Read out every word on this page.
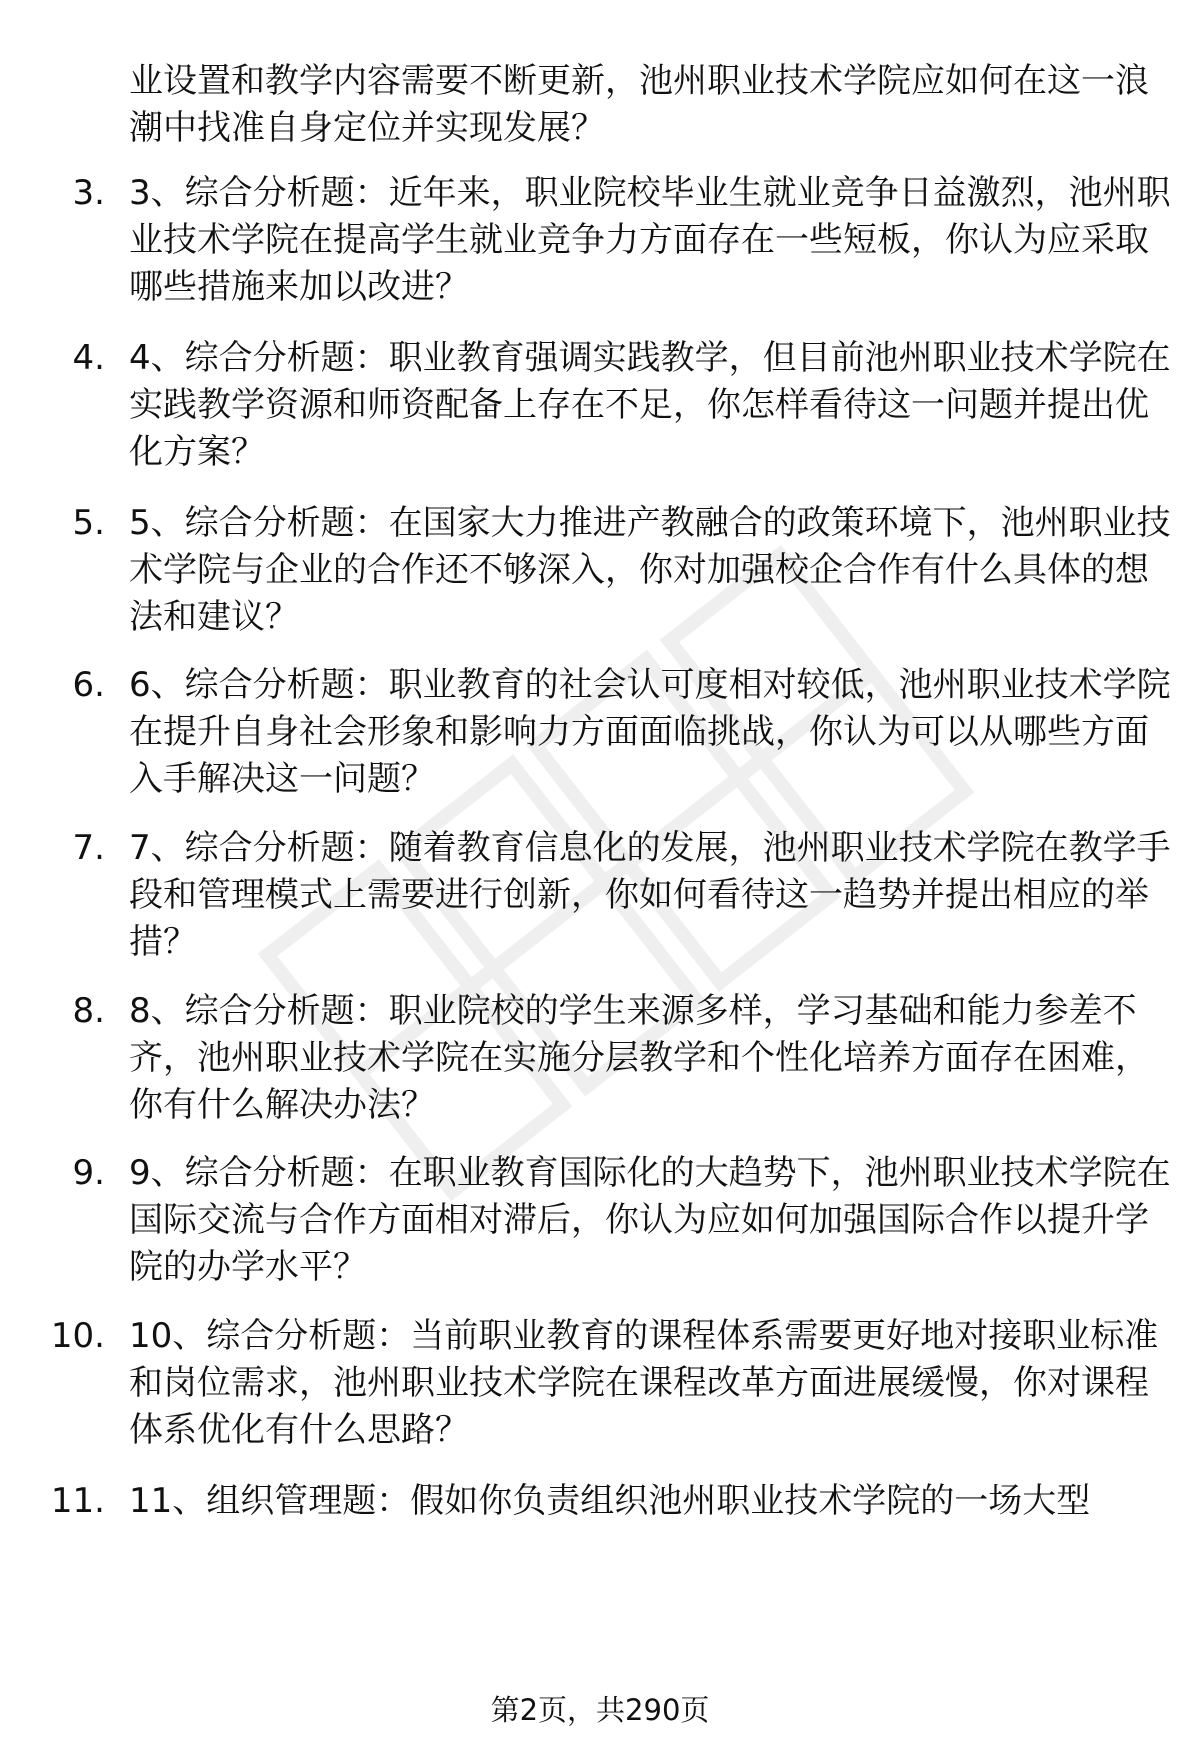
业设置和教学内容需要不断更新，池州职业技术学院应如何在这一浪潮中找准自身定位并实现发展？
3. 3、综合分析题：近年来，职业院校毕业生就业竞争日益激烈，池州职业技术学院在提高学生就业竞争力方面存在一些短板，你认为应采取哪些措施来加以改进？
4. 4、综合分析题：职业教育强调实践教学，但目前池州职业技术学院在实践教学资源和师资配备上存在不足，你怎样看待这一问题并提出优化方案？
5. 5、综合分析题：在国家大力推进产教融合的政策环境下，池州职业技术学院与企业的合作还不够深入，你对加强校企合作有什么具体的想法和建议？
6. 6、综合分析题：职业教育的社会认可度相对较低，池州职业技术学院在提升自身社会形象和影响力方面面临挑战，你认为可以从哪些方面入手解决这一问题？
7. 7、综合分析题：随着教育信息化的发展，池州职业技术学院在教学手段和管理模式上需要进行创新，你如何看待这一趋势并提出相应的举措？
8. 8、综合分析题：职业院校的学生来源多样，学习基础和能力参差不齐，池州职业技术学院在实施分层教学和个性化培养方面存在困难，你有什么解决办法？
9. 9、综合分析题：在职业教育国际化的大趋势下，池州职业技术学院在国际交流与合作方面相对滞后，你认为应如何加强国际合作以提升学院的办学水平？
10. 10、综合分析题：当前职业教育的课程体系需要更好地对接职业标准和岗位需求，池州职业技术学院在课程改革方面进展缓慢，你对课程体系优化有什么思路？
11. 11、组织管理题：假如你负责组织池州职业技术学院的一场大型
第2页，共290页
